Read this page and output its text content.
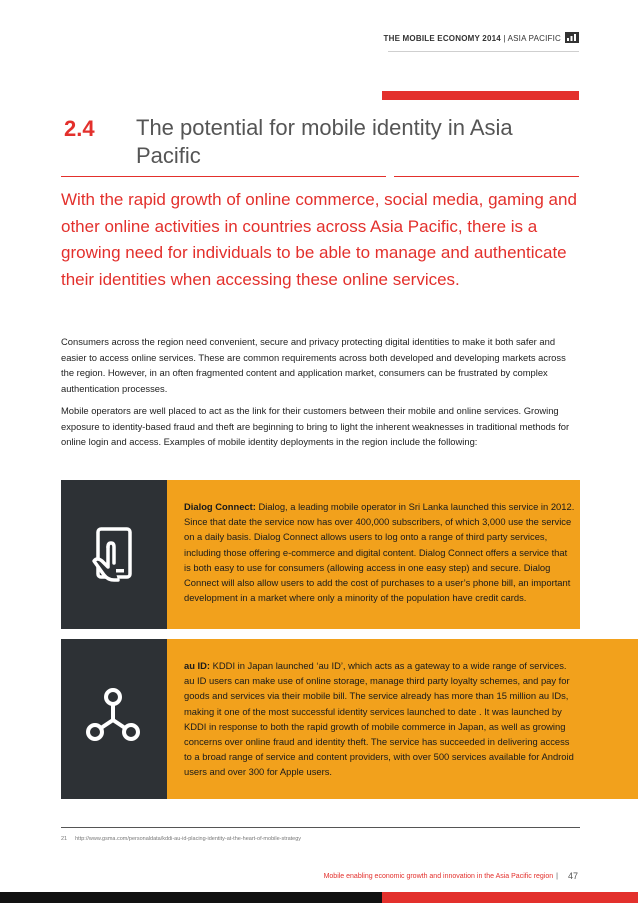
THE MOBILE ECONOMY 2014 | ASIA PACIFIC
2.4 The potential for mobile identity in Asia Pacific
With the rapid growth of online commerce, social media, gaming and other online activities in countries across Asia Pacific, there is a growing need for individuals to be able to manage and authenticate their identities when accessing these online services.

Consumers across the region need convenient, secure and privacy protecting digital identities to make it both safer and easier to access online services. These are common requirements across both developed and developing markets across the region. However, in an often fragmented content and application market, consumers can be frustrated by complex authentication processes.

Mobile operators are well placed to act as the link for their customers between their mobile and online services. Growing exposure to identity-based fraud and theft are beginning to bring to light the inherent weaknesses in traditional methods for online login and access. Examples of mobile identity deployments in the region include the following:

Dialog Connect: Dialog, a leading mobile operator in Sri Lanka launched this service in 2012. Since that date the service now has over 400,000 subscribers, of which 3,000 use the service on a daily basis. Dialog Connect allows users to log onto a range of third party services, including those offering e-commerce and digital content. Dialog Connect offers a service that is both easy to use for consumers (allowing access in one easy step) and secure. Dialog Connect will also allow users to add the cost of purchases to a user’s phone bill, an important development in a market where only a minority of the population have credit cards.
au ID: KDDI in Japan launched ‘au ID’, which acts as a gateway to a wide range of services. au ID users can make use of online storage, manage third party loyalty schemes, and pay for goods and services via their mobile bill. The service already has more than 15 million au IDs, making it one of the most successful identity services launched to date . It was launched by KDDI in response to both the rapid growth of mobile commerce in Japan, as well as growing concerns over online fraud and identity theft. The service has succeeded in delivering access to a broad range of service and content providers, with over 500 services available for Android users and over 300 for Apple users.
21 http://www.gsma.com/personaldata/kddi-au-id-placing-identity-at-the-heart-of-mobile-strategy
Mobile enabling economic growth and innovation in the Asia Pacific region | 47
